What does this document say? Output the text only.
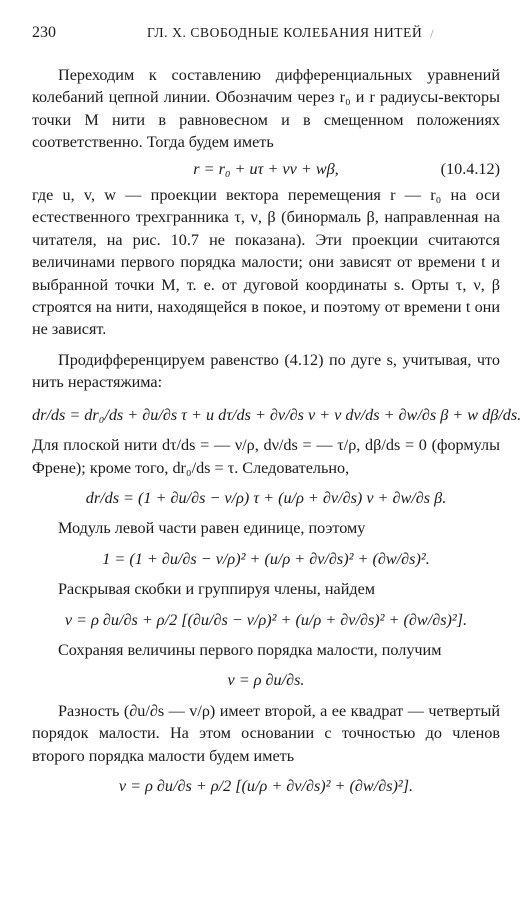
230	ГЛ. X. СВОБОДНЫЕ КОЛЕБАНИЯ НИТЕЙ /

Переходим к составлению дифференциальных уравнений колебаний цепной линии. Обозначим через r₀ и r радиусы-векторы точки M нити в равновесном и в смещенном положениях соответственно. Тогда будем иметь

r = r₀ + uτ + vν + wβ,	(10.4.12)

где u, v, w — проекции вектора перемещения r — r₀ на оси естественного трехгранника τ, ν, β (бинормаль β, направленная на читателя, на рис. 10.7 не показана). Эти проекции считаются величинами первого порядка малости; они зависят от времени t и выбранной точки M, т. е. от дуговой координаты s. Орты τ, ν, β строятся на нити, находящейся в покое, и поэтому от времени t они не зависят.

Продифференцируем равенство (4.12) по дуге s, учитывая, что нить нерастяжима:

dr/ds = dr₀/ds + ∂u/∂s τ + u dτ/ds + ∂v/∂s ν + v dν/ds + ∂w/∂s β + w dβ/ds.

Для плоской нити dτ/ds = — ν/ρ, dν/ds = — τ/ρ, dβ/ds = 0 (формулы Френе); кроме того, dr₀/ds = τ. Следовательно,

dr/ds = (1 + ∂u/∂s − v/ρ) τ + (u/ρ + ∂v/∂s) ν + ∂w/∂s β.

Модуль левой части равен единице, поэтому

1 = (1 + ∂u/∂s − v/ρ)² + (u/ρ + ∂v/∂s)² + (∂w/∂s)².

Раскрывая скобки и группируя члены, найдем

v = ρ ∂u/∂s + ρ/2 [(∂u/∂s − v/ρ)² + (u/ρ + ∂v/∂s)² + (∂w/∂s)²].

Сохраняя величины первого порядка малости, получим

v = ρ ∂u/∂s.

Разность (∂u/∂s — v/ρ) имеет второй, а ее квадрат — четвертый порядок малости. На этом основании с точностью до членов второго порядка малости будем иметь

v = ρ ∂u/∂s + ρ/2 [(u/ρ + ∂v/∂s)² + (∂w/∂s)²].
